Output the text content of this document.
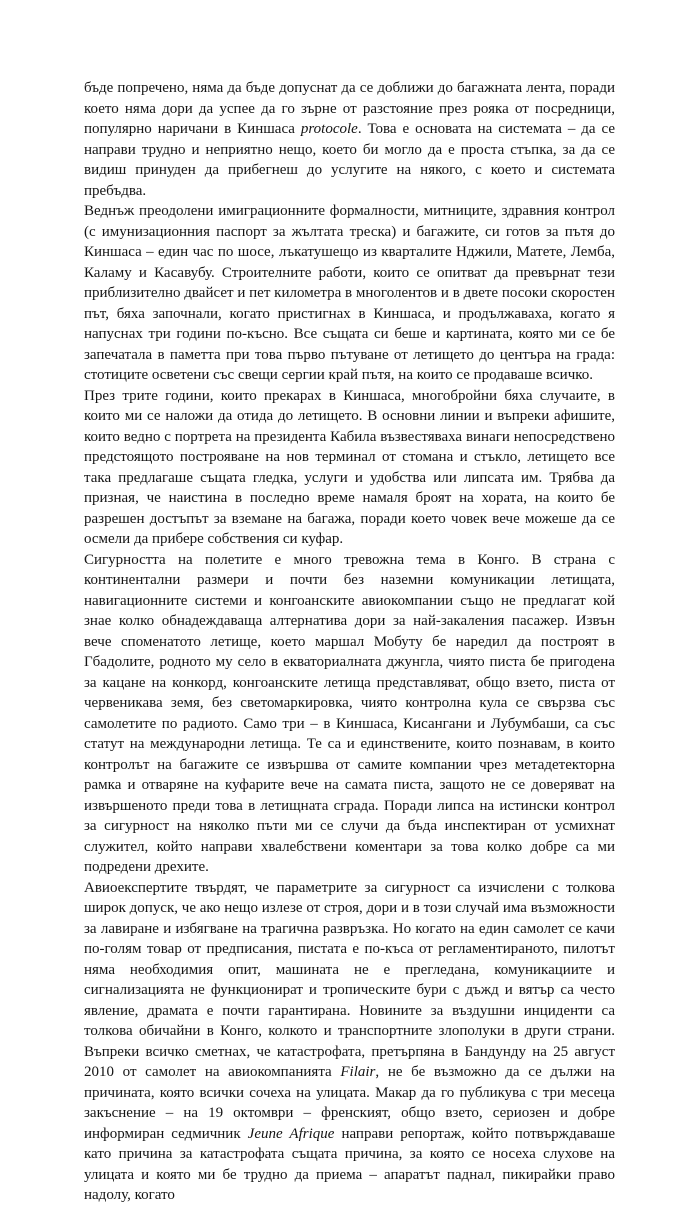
бъде попречено, няма да бъде допуснат да се доближи до багажната лента, поради което няма дори да успее да го зърне от разстояние през рояка от посредници, популярно наричани в Киншаса protocole. Това е основата на системата – да се направи трудно и неприятно нещо, което би могло да е проста стъпка, за да се видиш принуден да прибегнеш до услугите на някого, с което и системата пребъдва.

Веднъж преодолени имиграционните формалности, митниците, здравния контрол (с имунизационния паспорт за жълтата треска) и багажите, си готов за пътя до Киншаса – един час по шосе, лъкатушещо из кварталите Нджили, Матете, Лемба, Каламу и Касавубу. Строителните работи, които се опитват да превърнат тези приблизително двайсет и пет километра в многолентов и в двете посоки скоростен път, бяха започнали, когато пристигнах в Киншаса, и продължаваха, когато я напуснах три години по-късно. Все същата си беше и картината, която ми се бе запечатала в паметта при това първо пътуване от летището до центъра на града: стотиците осветени със свещи сергии край пътя, на които се продаваше всичко.

През трите години, които прекарах в Киншаса, многобройни бяха случаите, в които ми се наложи да отида до летището. В основни линии и въпреки афишите, които ведно с портрета на президента Кабила възвестяваха винаги непосредствено предстоящото построяване на нов терминал от стомана и стъкло, летището все така предлагаше същата гледка, услуги и удобства или липсата им. Трябва да призная, че наистина в последно време намаля броят на хората, на които бе разрешен достъпът за вземане на багажа, поради което човек вече можеше да се осмели да прибере собствения си куфар.

Сигурността на полетите е много тревожна тема в Конго. В страна с континентални размери и почти без наземни комуникации летищата, навигационните системи и конгоанските авиокомпании също не предлагат кой знае колко обнадеждаваща алтернатива дори за най-закаления пасажер. Извън вече споменатото летище, което маршал Мобуту бе наредил да построят в Гбадолите, родното му село в екваториалната джунгла, чиято писта бе пригодена за кацане на конкорд, конгоанските летища представляват, общо взето, писта от червеникава земя, без светомаркировка, чиято контролна кула се свързва със самолетите по радиото. Само три – в Киншаса, Кисангани и Лубумбаши, са със статут на международни летища. Те са и единствените, които познавам, в които контролът на багажите се извършва от самите компании чрез метадетекторна рамка и отваряне на куфарите вече на самата писта, защото не се доверяват на извършеното преди това в летищната сграда. Поради липса на истински контрол за сигурност на няколко пъти ми се случи да бъда инспектиран от усмихнат служител, който направи хвалебствени коментари за това колко добре са ми подредени дрехите.

Авиоекспертите твърдят, че параметрите за сигурност са изчислени с толкова широк допуск, че ако нещо излезе от строя, дори и в този случай има възможности за лавиране и избягване на трагична развръзка. Но когато на един самолет се качи по-голям товар от предписания, пистата е по-къса от регламентираното, пилотът няма необходимия опит, машината не е прегледана, комуникациите и сигнализацията не функционират и тропическите бури с дъжд и вятър са често явление, драмата е почти гарантирана. Новините за въздушни инциденти са толкова обичайни в Конго, колкото и транспортните злополуки в други страни. Въпреки всичко сметнах, че катастрофата, претърпяна в Бандунду на 25 август 2010 от самолет на авиокомпанията Filair, не бе възможно да се дължи на причината, която всички сочеха на улицата. Макар да го публикува с три месеца закъснение – на 19 октомври – френският, общо взето, сериозен и добре информиран седмичник Jeune Afrique направи репортаж, който потвърждаваше като причина за катастрофата същата причина, за която се носеха слухове на улицата и която ми бе трудно да приема – апаратът паднал, пикирайки право надолу, когато
